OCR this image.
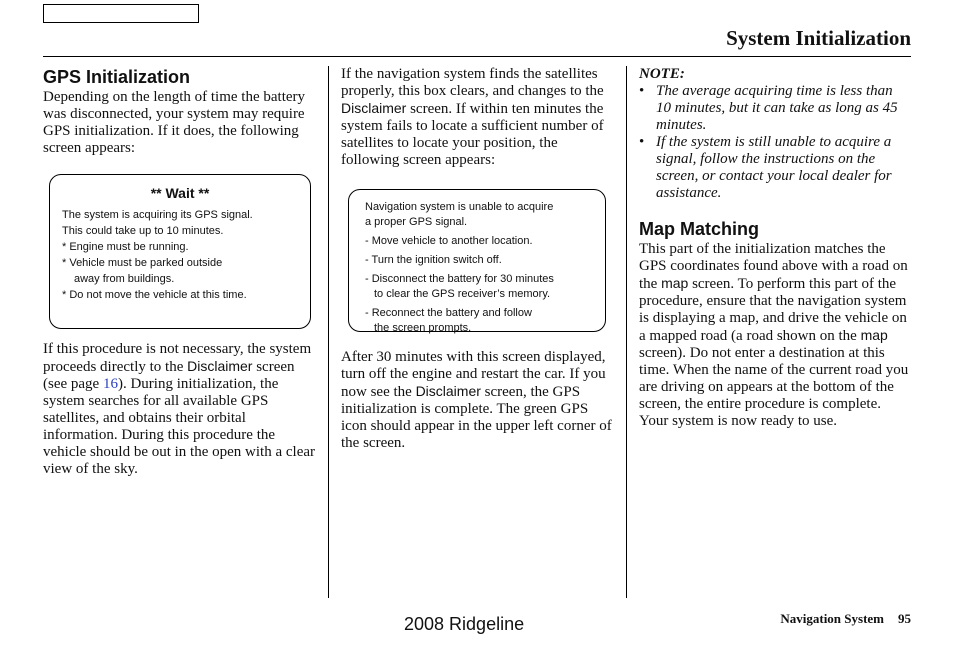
System Initialization
GPS Initialization

Depending on the length of time the battery was disconnected, your system may require GPS initialization. If it does, the following screen appears:

** Wait **
The system is acquiring its GPS signal.
This could take up to 10 minutes.
* Engine must be running.
* Vehicle must be parked outside
away from buildings.
* Do not move the vehicle at this time.

If this procedure is not necessary, the system proceeds directly to the Disclaimer screen (see page 16). During initialization, the system searches for all available GPS satellites, and obtains their orbital information. During this procedure the vehicle should be out in the open with a clear view of the sky.

If the navigation system finds the satellites properly, this box clears, and changes to the Disclaimer screen. If within ten minutes the system fails to locate a sufficient number of satellites to locate your position, the following screen appears:

Navigation system is unable to acquire
a proper GPS signal.
- Move vehicle to another location.
- Turn the ignition switch off.
- Disconnect the battery for 30 minutes
to clear the GPS receiver’s memory.
- Reconnect the battery and follow
the screen prompts.

After 30 minutes with this screen displayed, turn off the engine and restart the car. If you now see the Disclaimer screen, the GPS initialization is complete. The green GPS icon should appear in the upper left corner of the screen.

NOTE:
• The average acquiring time is less than 10 minutes, but it can take as long as 45 minutes.
• If the system is still unable to acquire a signal, follow the instructions on the screen, or contact your local dealer for assistance.
Map Matching

This part of the initialization matches the GPS coordinates found above with a road on the map screen. To perform this part of the procedure, ensure that the navigation system is displaying a map, and drive the vehicle on a mapped road (a road shown on the map screen). Do not enter a destination at this time. When the name of the current road you are driving on appears at the bottom of the screen, the entire procedure is complete. Your system is now ready to use.

2008 Ridgeline	Navigation System 95
